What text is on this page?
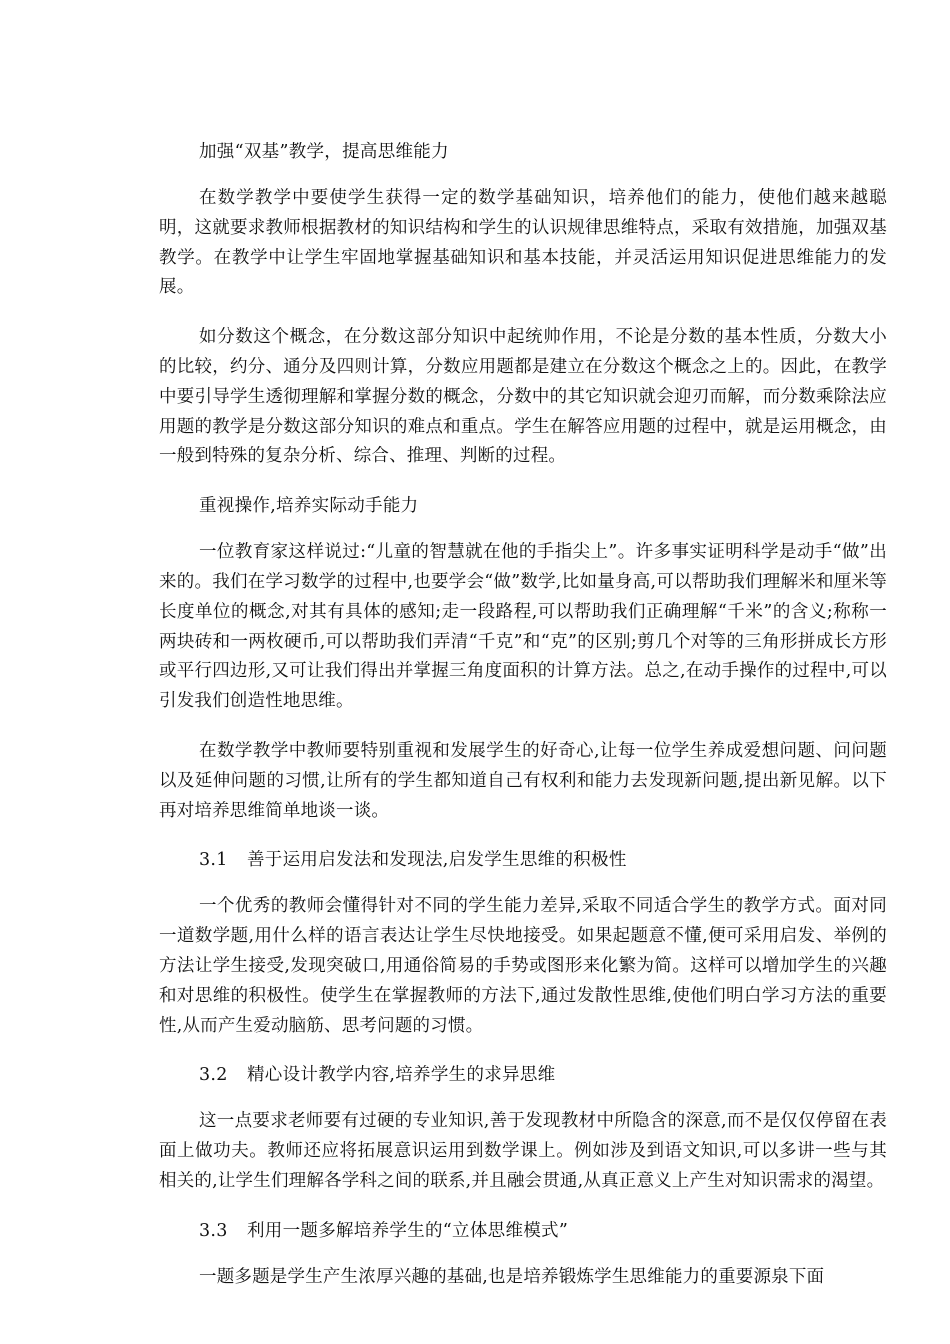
加强“双基”教学，提高思维能力

在数学教学中要使学生获得一定的数学基础知识，培养他们的能力，使他们越来越聪明，这就要求教师根据教材的知识结构和学生的认识规律思维特点，采取有效措施，加强双基教学。在教学中让学生牢固地掌握基础知识和基本技能，并灵活运用知识促进思维能力的发展。

如分数这个概念，在分数这部分知识中起统帅作用，不论是分数的基本性质，分数大小的比较，约分、通分及四则计算，分数应用题都是建立在分数这个概念之上的。因此，在教学中要引导学生透彻理解和掌握分数的概念，分数中的其它知识就会迎刃而解，而分数乘除法应用题的教学是分数这部分知识的难点和重点。学生在解答应用题的过程中，就是运用概念，由一般到特殊的复杂分析、综合、推理、判断的过程。

重视操作,培养实际动手能力

一位教育家这样说过:“儿童的智慧就在他的手指尖上”。许多事实证明科学是动手“做”出来的。我们在学习数学的过程中,也要学会“做”数学,比如量身高,可以帮助我们理解米和厘米等长度单位的概念,对其有具体的感知;走一段路程,可以帮助我们正确理解“千米”的含义;称称一两块砖和一两枚硬币,可以帮助我们弄清“千克”和“克”的区别;剪几个对等的三角形拼成长方形或平行四边形,又可让我们得出并掌握三角度面积的计算方法。总之,在动手操作的过程中,可以引发我们创造性地思维。

在数学教学中教师要特别重视和发展学生的好奇心,让每一位学生养成爱想问题、问问题以及延伸问题的习惯,让所有的学生都知道自己有权利和能力去发现新问题,提出新见解。以下再对培养思维简单地谈一谈。

3.1 善于运用启发法和发现法,启发学生思维的积极性

一个优秀的教师会懂得针对不同的学生能力差异,采取不同适合学生的教学方式。面对同一道数学题,用什么样的语言表达让学生尽快地接受。如果起题意不懂,便可采用启发、举例的方法让学生接受,发现突破口,用通俗简易的手势或图形来化繁为简。这样可以增加学生的兴趣和对思维的积极性。使学生在掌握教师的方法下,通过发散性思维,使他们明白学习方法的重要性,从而产生爱动脑筋、思考问题的习惯。

3.2 精心设计教学内容,培养学生的求异思维

这一点要求老师要有过硬的专业知识,善于发现教材中所隐含的深意,而不是仅仅停留在表面上做功夫。教师还应将拓展意识运用到数学课上。例如涉及到语文知识,可以多讲一些与其相关的,让学生们理解各学科之间的联系,并且融会贯通,从真正意义上产生对知识需求的渴望。

3.3 利用一题多解培养学生的“立体思维模式”

一题多题是学生产生浓厚兴趣的基础,也是培养锻炼学生思维能力的重要源泉下面
